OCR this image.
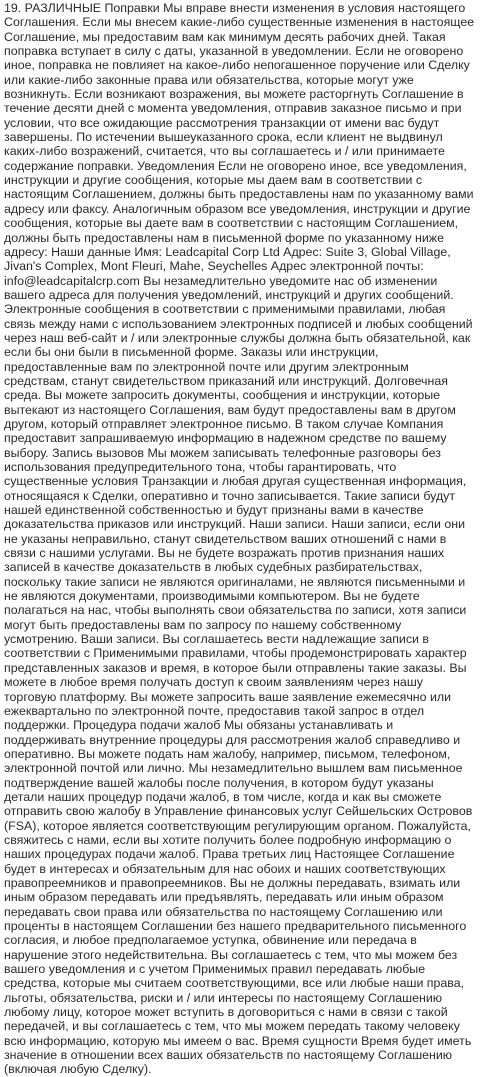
19. РАЗЛИЧНЫЕ Поправки Мы вправе внести изменения в условия настоящего Соглашения. Если мы внесем какие-либо существенные изменения в настоящее Соглашение, мы предоставим вам как минимум десять рабочих дней. Такая поправка вступает в силу с даты, указанной в уведомлении. Если не оговорено иное, поправка не повлияет на какое-либо непогашенное поручение или Сделку или какие-либо законные права или обязательства, которые могут уже возникнуть. Если возникают возражения, вы можете расторгнуть Соглашение в течение десяти дней с момента уведомления, отправив заказное письмо и при условии, что все ожидающие рассмотрения транзакции от имени вас будут завершены. По истечении вышеуказанного срока, если клиент не выдвинул каких-либо возражений, считается, что вы соглашаетесь и / или принимаете содержание поправки. Уведомления Если не оговорено иное, все уведомления, инструкции и другие сообщения, которые мы даем вам в соответствии с настоящим Соглашением, должны быть предоставлены нам по указанному вами адресу или факсу. Аналогичным образом все уведомления, инструкции и другие сообщения, которые вы даете вам в соответствии с настоящим Соглашением, должны быть предоставлены нам в письменной форме по указанному ниже адресу: Наши данные Имя: Leadcapital Corp Ltd Адрес: Suite 3, Global Village, Jivan's Complex, Mont Fleuri, Mahe, Seychelles Адрес электронной почты: info@leadcapitalcrp.com Вы незамедлительно уведомите нас об изменении вашего адреса для получения уведомлений, инструкций и других сообщений. Электронные сообщения в соответствии с применимыми правилами, любая связь между нами с использованием электронных подписей и любых сообщений через наш веб-сайт и / или электронные службы должна быть обязательной, как если бы они были в письменной форме. Заказы или инструкции, предоставленные вам по электронной почте или другим электронным средствам, станут свидетельством приказаний или инструкций. Долговечная среда. Вы можете запросить документы, сообщения и инструкции, которые вытекают из настоящего Соглашения, вам будут предоставлены вам в другом другом, который отправляет электронное письмо. В таком случае Компания предоставит запрашиваемую информацию в надежном средстве по вашему выбору. Запись вызовов Мы можем записывать телефонные разговоры без использования предупредительного тона, чтобы гарантировать, что существенные условия Транзакции и любая другая существенная информация, относящаяся к Сделки, оперативно и точно записывается. Такие записи будут нашей единственной собственностью и будут признаны вами в качестве доказательства приказов или инструкций. Наши записи. Наши записи, если они не указаны неправильно, станут свидетельством ваших отношений с нами в связи с нашими услугами. Вы не будете возражать против признания наших записей в качестве доказательств в любых судебных разбирательствах, поскольку такие записи не являются оригиналами, не являются письменными и не являются документами, производимыми компьютером. Вы не будете полагаться на нас, чтобы выполнять свои обязательства по записи, хотя записи могут быть предоставлены вам по запросу по нашему собственному усмотрению. Ваши записи. Вы соглашаетесь вести надлежащие записи в соответствии с Применимыми правилами, чтобы продемонстрировать характер представленных заказов и время, в которое были отправлены такие заказы. Вы можете в любое время получать доступ к своим заявлениям через нашу торговую платформу. Вы можете запросить ваше заявление ежемесячно или ежеквартально по электронной почте, предоставив такой запрос в отдел поддержки. Процедура подачи жалоб Мы обязаны устанавливать и поддерживать внутренние процедуры для рассмотрения жалоб справедливо и оперативно. Вы можете подать нам жалобу, например, письмом, телефоном, электронной почтой или лично. Мы незамедлительно вышлем вам письменное подтверждение вашей жалобы после получения, в котором будут указаны детали наших процедур подачи жалоб, в том числе, когда и как вы сможете отправить свою жалобу в Управление финансовых услуг Сейшельских Островов (FSA), которое является соответствующим регулирующим органом. Пожалуйста, свяжитесь с нами, если вы хотите получить более подробную информацию о наших процедурах подачи жалоб. Права третьих лиц Настоящее Соглашение будет в интересах и обязательным для нас обоих и наших соответствующих правопреемников и правопреемников. Вы не должны передавать, взимать или иным образом передавать или предъявлять, передавать или иным образом передавать свои права или обязательства по настоящему Соглашению или проценты в настоящем Соглашении без нашего предварительного письменного согласия, и любое предполагаемое уступка, обвинение или передача в нарушение этого недействительна. Вы соглашаетесь с тем, что мы можем без вашего уведомления и с учетом Применимых правил передавать любые средства, которые мы считаем соответствующими, все или любые наши права, льготы, обязательства, риски и / или интересы по настоящему Соглашению любому лицу, которое может вступить в договориться с нами в связи с такой передачей, и вы соглашаетесь с тем, что мы можем передать такому человеку всю информацию, которую мы имеем о вас. Время сущности Время будет иметь значение в отношении всех ваших обязательств по настоящему Соглашению (включая любую Сделку).
